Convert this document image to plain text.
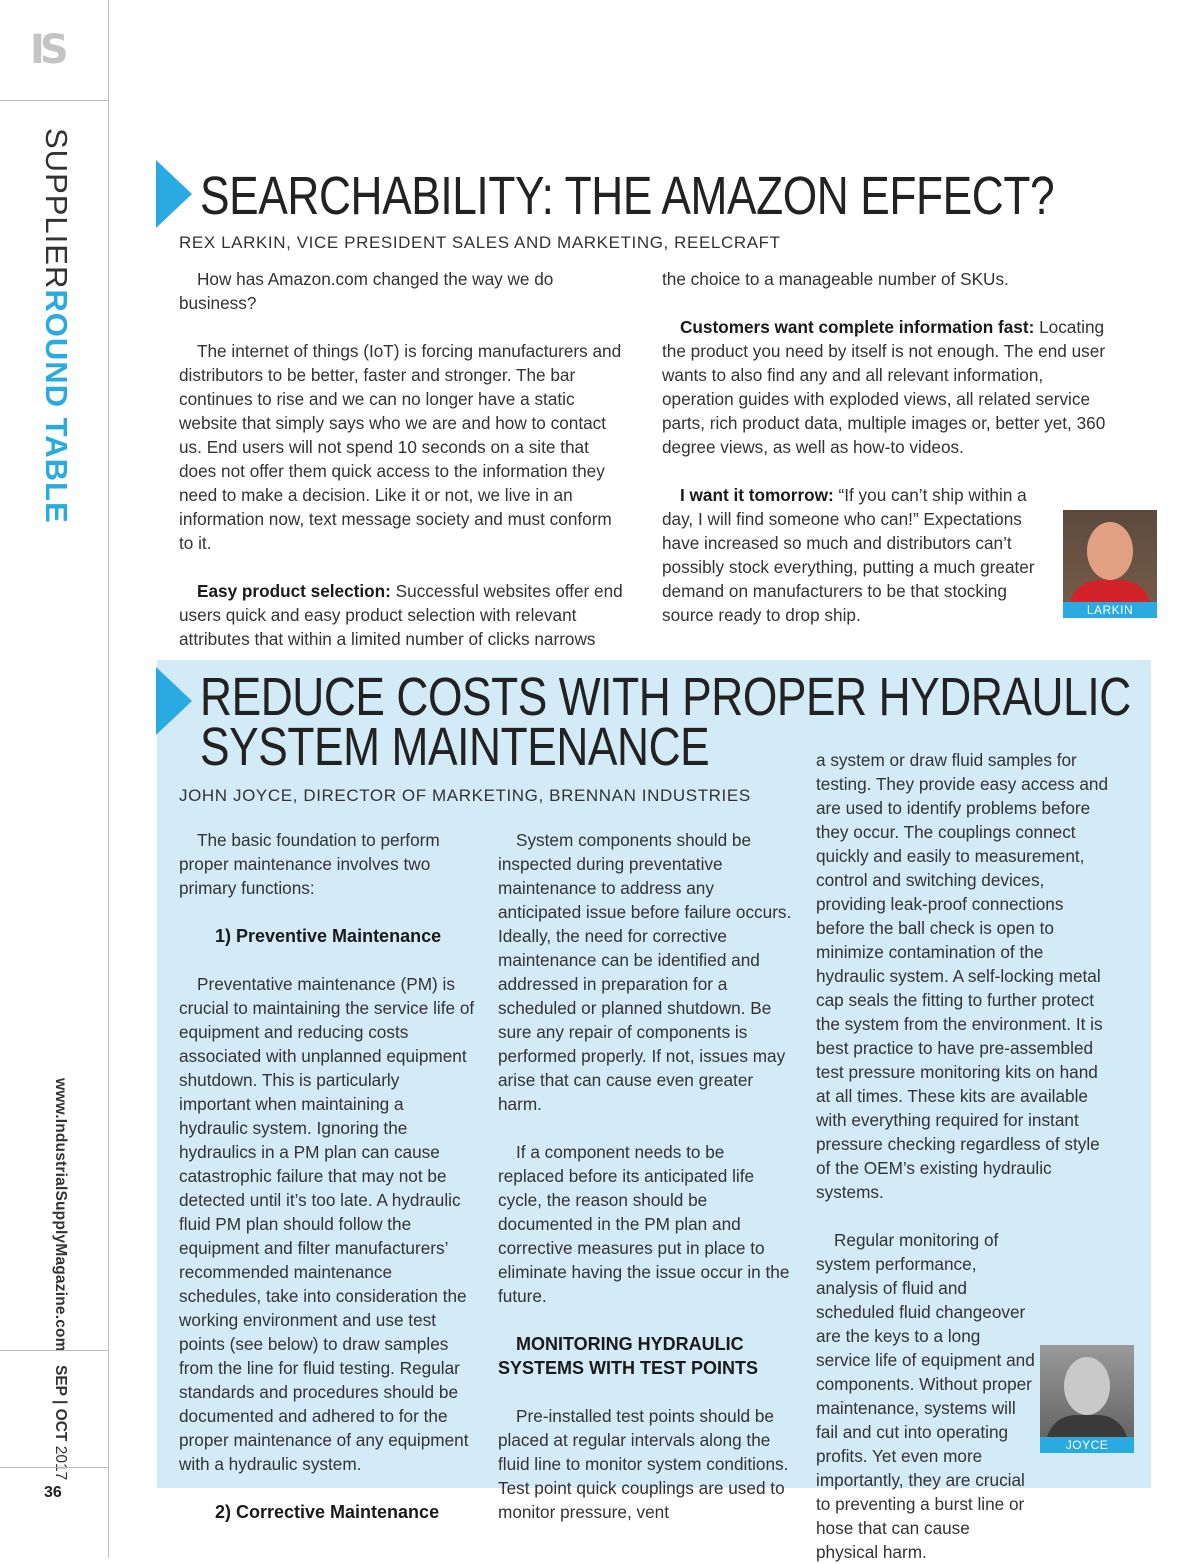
IS
SUPPLIERROUND TABLE
www.IndustrialSupplyMagazine.com
SEP | OCT 2017
36
SEARCHABILITY: THE AMAZON EFFECT?
REX LARKIN, VICE PRESIDENT SALES AND MARKETING, REELCRAFT

How has Amazon.com changed the way we do business?

The internet of things (IoT) is forcing manufacturers and distributors to be better, faster and stronger. The bar continues to rise and we can no longer have a static website that simply says who we are and how to contact us. End users will not spend 10 seconds on a site that does not offer them quick access to the information they need to make a decision. Like it or not, we live in an information now, text message society and must conform to it.

Easy product selection: Successful websites offer end users quick and easy product selection with relevant attributes that within a limited number of clicks narrows

the choice to a manageable number of SKUs.

Customers want complete information fast: Locating the product you need by itself is not enough. The end user wants to also find any and all relevant information, operation guides with exploded views, all related service parts, rich product data, multiple images or, better yet, 360 degree views, as well as how-to videos.

I want it tomorrow: “If you can’t ship within a day, I will find someone who can!” Expectations have increased so much and distributors can’t possibly stock everything, putting a much greater demand on manufacturers to be that stocking source ready to drop ship.	LARKIN
REDUCE COSTS WITH PROPER HYDRAULIC
SYSTEM MAINTENANCE
JOHN JOYCE, DIRECTOR OF MARKETING, BRENNAN INDUSTRIES

The basic foundation to perform proper maintenance involves two primary functions:

1) Preventive Maintenance

Preventative maintenance (PM) is crucial to maintaining the service life of equipment and reducing costs associated with unplanned equipment shutdown. This is particularly important when maintaining a hydraulic system. Ignoring the hydraulics in a PM plan can cause catastrophic failure that may not be detected until it’s too late. A hydraulic fluid PM plan should follow the equipment and filter manufacturers’ recommended maintenance schedules, take into consideration the working environment and use test points (see below) to draw samples from the line for fluid testing. Regular standards and procedures should be documented and adhered to for the proper maintenance of any equipment with a hydraulic system.

2) Corrective Maintenance

System components should be inspected during preventative maintenance to address any anticipated issue before failure occurs. Ideally, the need for corrective maintenance can be identified and addressed in preparation for a scheduled or planned shutdown. Be sure any repair of components is performed properly. If not, issues may arise that can cause even greater harm.

If a component needs to be replaced before its anticipated life cycle, the reason should be documented in the PM plan and corrective measures put in place to eliminate having the issue occur in the future.

MONITORING HYDRAULIC SYSTEMS WITH TEST POINTS

Pre-installed test points should be placed at regular intervals along the fluid line to monitor system conditions. Test point quick couplings are used to monitor pressure, vent

a system or draw fluid samples for testing. They provide easy access and are used to identify problems before they occur. The couplings connect quickly and easily to measurement, control and switching devices, providing leak-proof connections before the ball check is open to minimize contamination of the hydraulic system. A self-locking metal cap seals the fitting to further protect the system from the environment. It is best practice to have pre-assembled test pressure monitoring kits on hand at all times. These kits are available with everything required for instant pressure checking regardless of style of the OEM’s existing hydraulic systems.

Regular monitoring of system performance, analysis of fluid and scheduled fluid changeover are the keys to a long service life of equipment and components. Without proper maintenance, systems will fail and cut into operating profits. Yet even more importantly, they are crucial to preventing a burst line or hose that can cause physical harm.

JOYCE
